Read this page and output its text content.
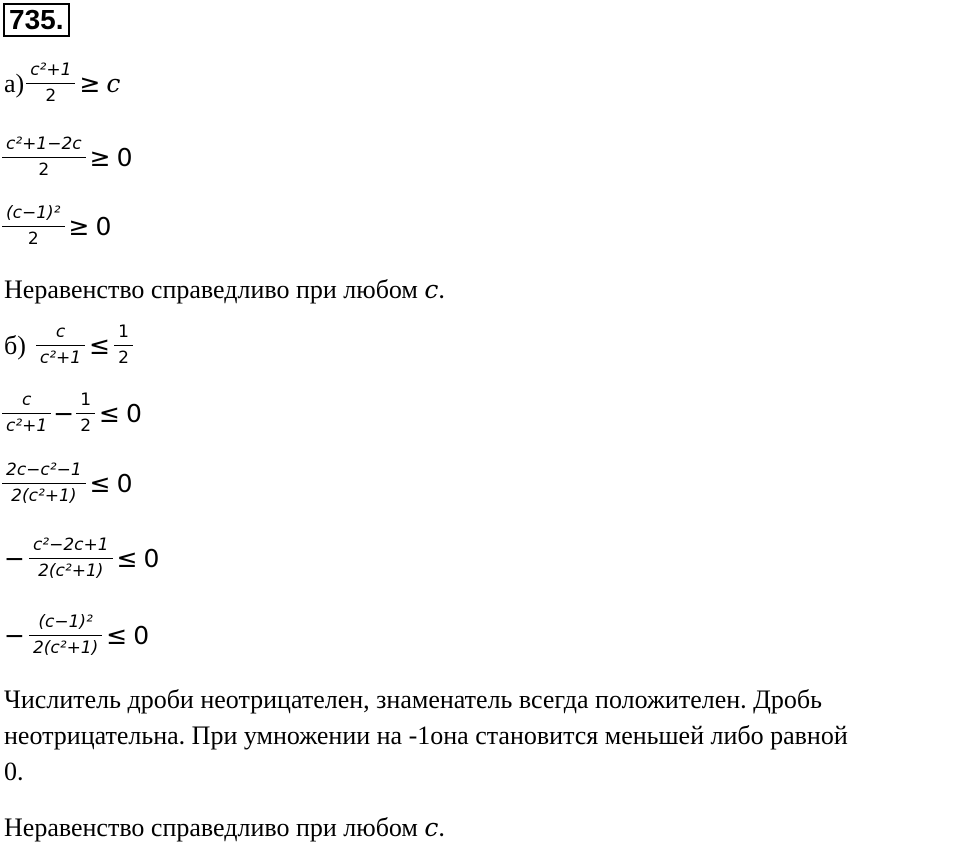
735.
$а) \frac{\text{c²+1}}{2} \ge c$
$\frac{\text{c²+1−2c}}{2} \ge 0$
$\frac{\text{(c−1)²}}{2} \ge 0$
Неравенство справедливо при любом c.
$б) \frac{c}{\text{c²+1}} \le \frac{1}{2}$
$\frac{c}{\text{c²+1}} - \frac{1}{2} \le 0$
$\frac{\text{2c−c²−1}}{\text{2(c²+1)}} \le 0$
− $\frac{\text{c²−2c+1}}{\text{2(c²+1)}} \le 0$
− $\frac{\text{(c−1)²}}{\text{2(c²+1)}} \le 0$
Числитель дроби неотрицателен, знаменатель всегда положителен. Дробь
неотрицательна. При умножении на -1она становится меньшей либо равной
0.
Неравенство справедливо при любом c.
